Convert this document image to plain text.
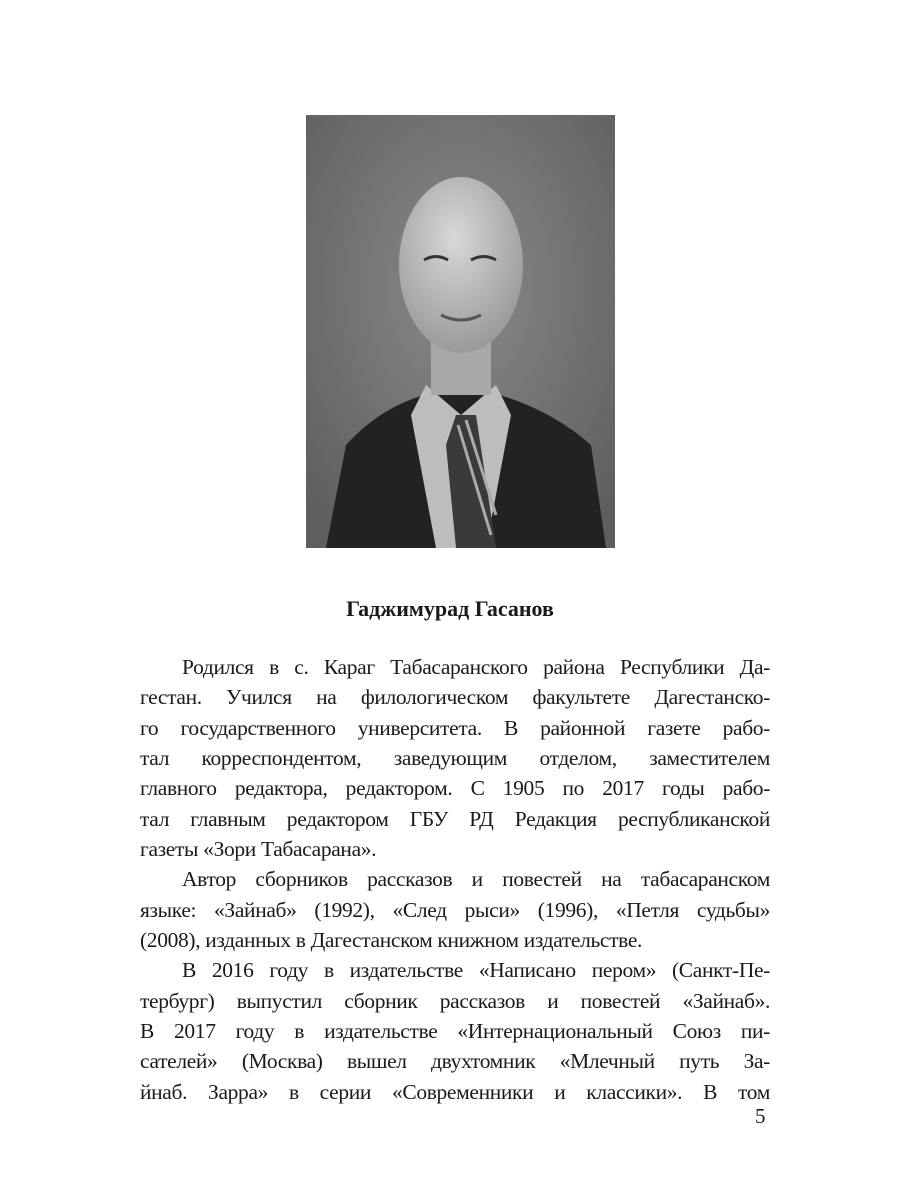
Гаджимурад Гасанов
Родился в с. Караг Табасаранского района Республики Да-
гестан. Учился на филологическом факультете Дагестанско-
го государственного университета. В районной газете рабо-
тал корреспондентом, заведующим отделом, заместителем
главного редактора, редактором. С 1905 по 2017 годы рабо-
тал главным редактором ГБУ РД Редакция республиканской
газеты «Зори Табасарана».
Автор сборников рассказов и повестей на табасаранском
языке: «Зайнаб» (1992), «След рыси» (1996), «Петля судьбы»
(2008), изданных в Дагестанском книжном издательстве.
В 2016 году в издательстве «Написано пером» (Санкт-Пе-
тербург) выпустил сборник рассказов и повестей «Зайнаб».
В 2017 году в издательстве «Интернациональный Союз пи-
сателей» (Москва) вышел двухтомник «Млечный путь За-
йнаб. Зарра» в серии «Современники и классики». В том
5
